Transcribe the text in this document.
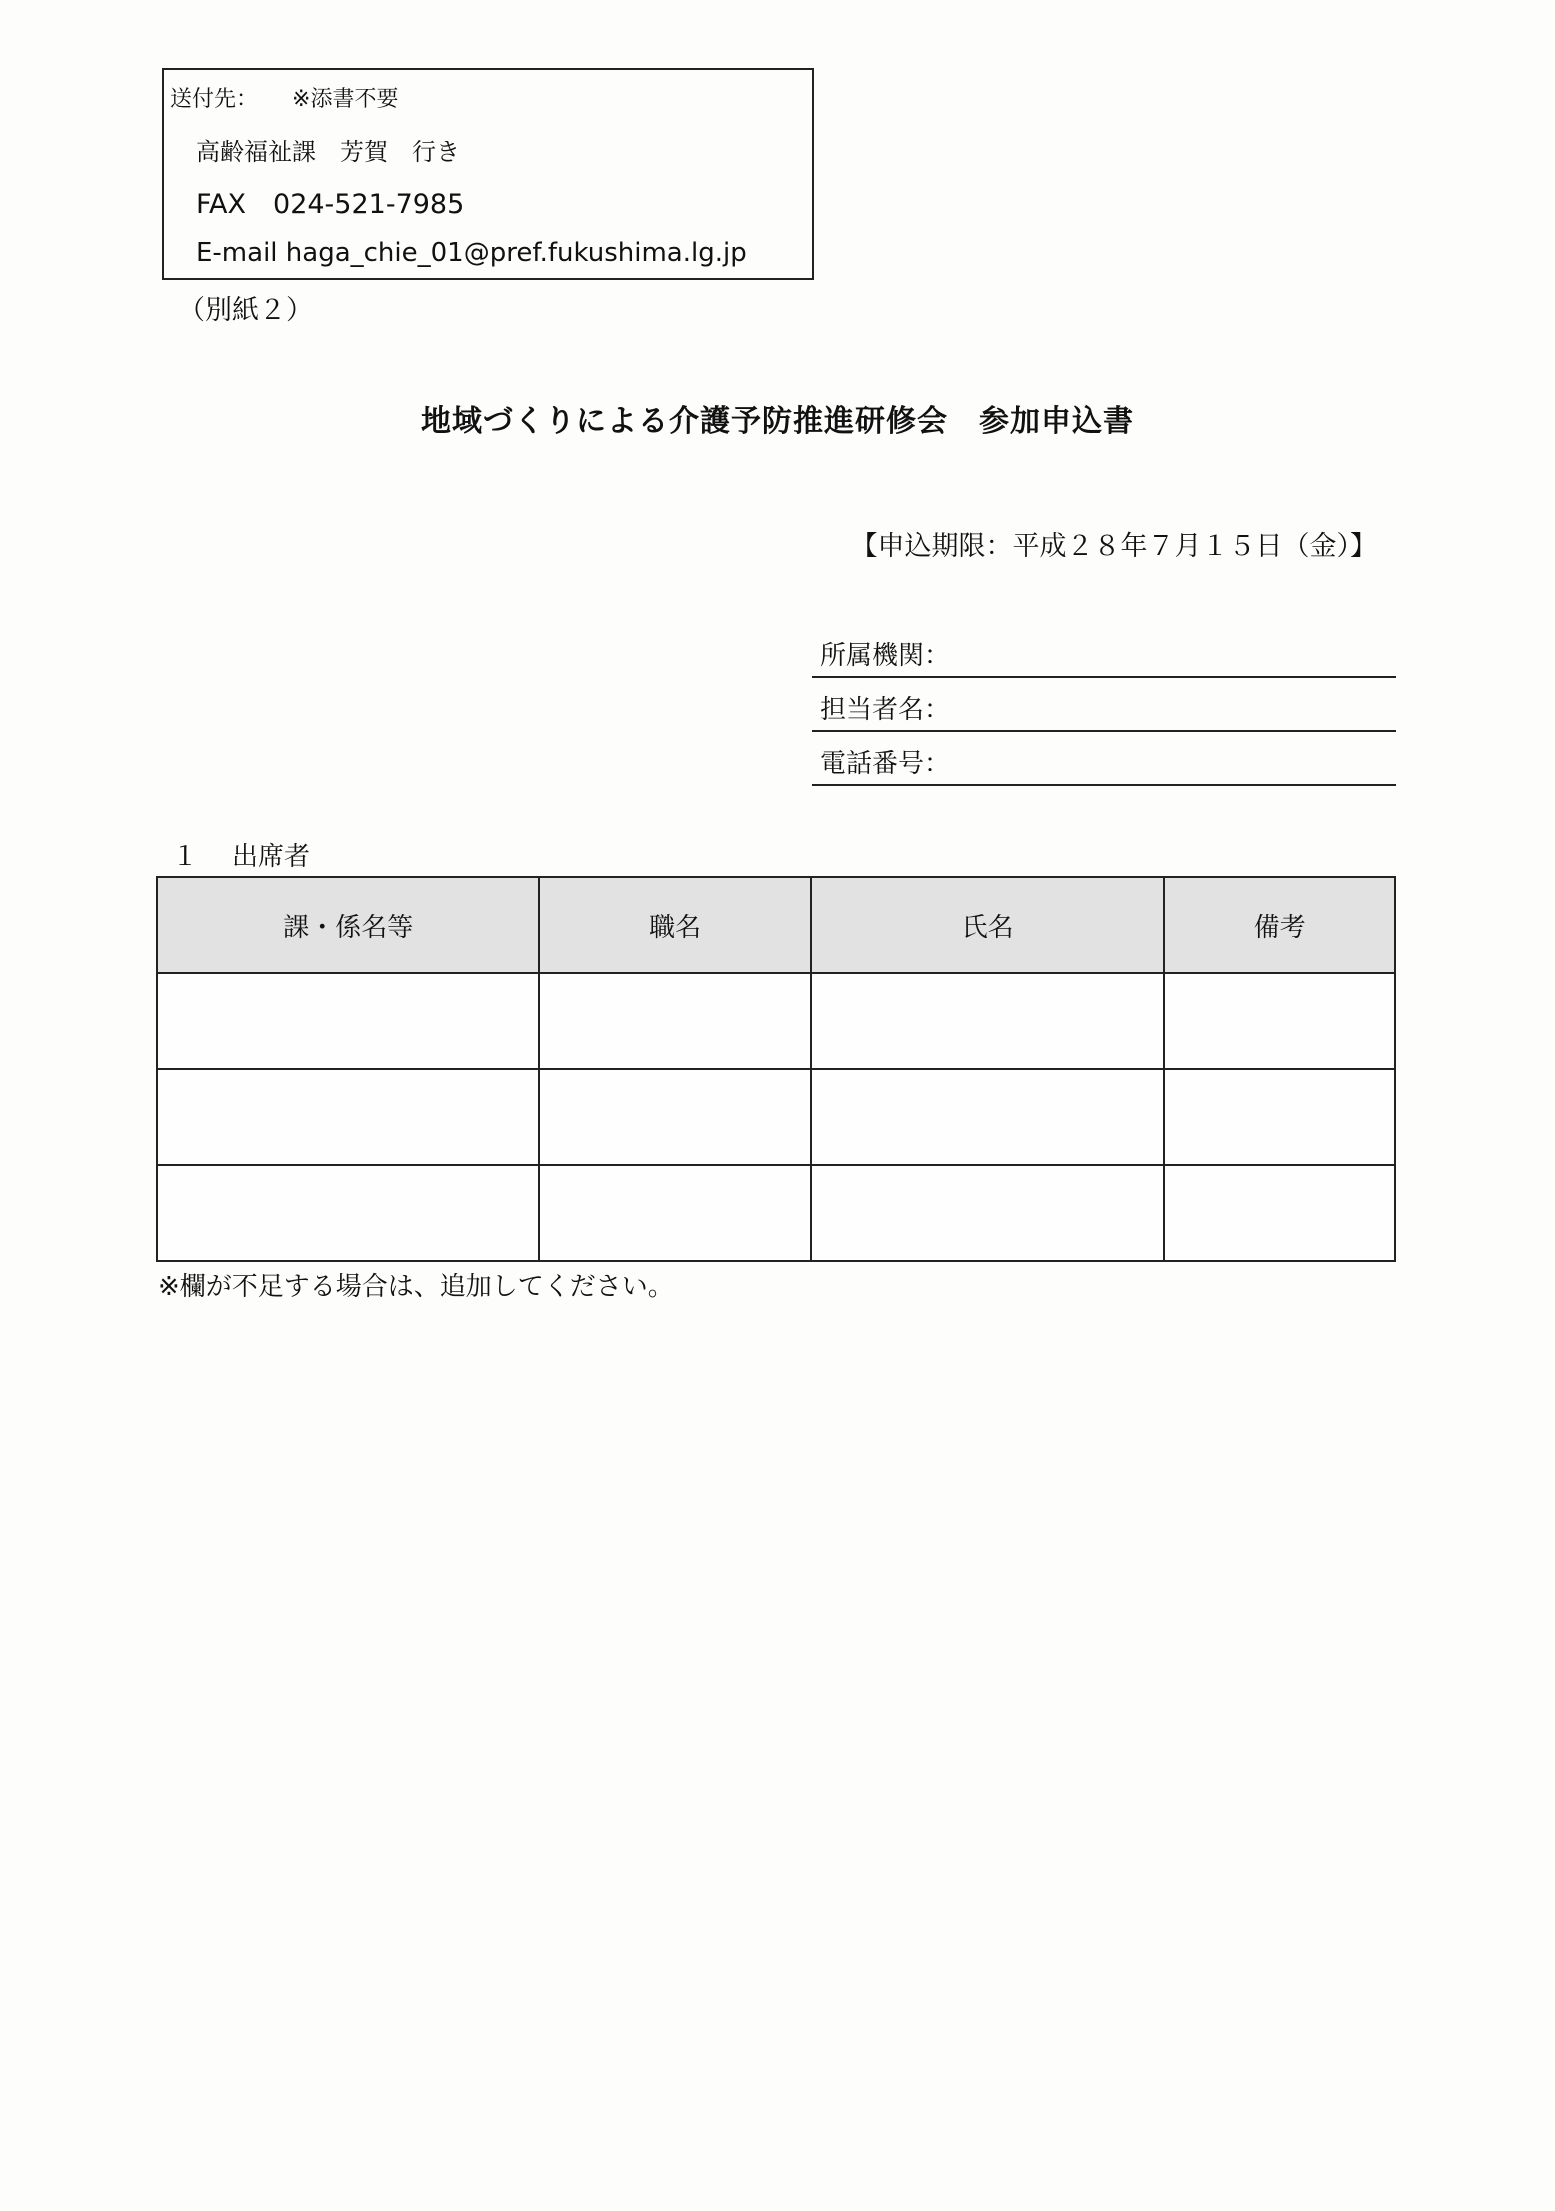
送付先： ※添書不要
高齢福祉課　芳賀　行き
FAX　024-521-7985
E-mail haga_chie_01@pref.fukushima.lg.jp
（別紙２）
地域づくりによる介護予防推進研修会　参加申込書
【申込期限：平成２８年７月１５日（金）】
所属機関：
担当者名：
電話番号：
１ 出席者
課・係名等	職名	氏名	備考

※欄が不足する場合は、追加してください。
